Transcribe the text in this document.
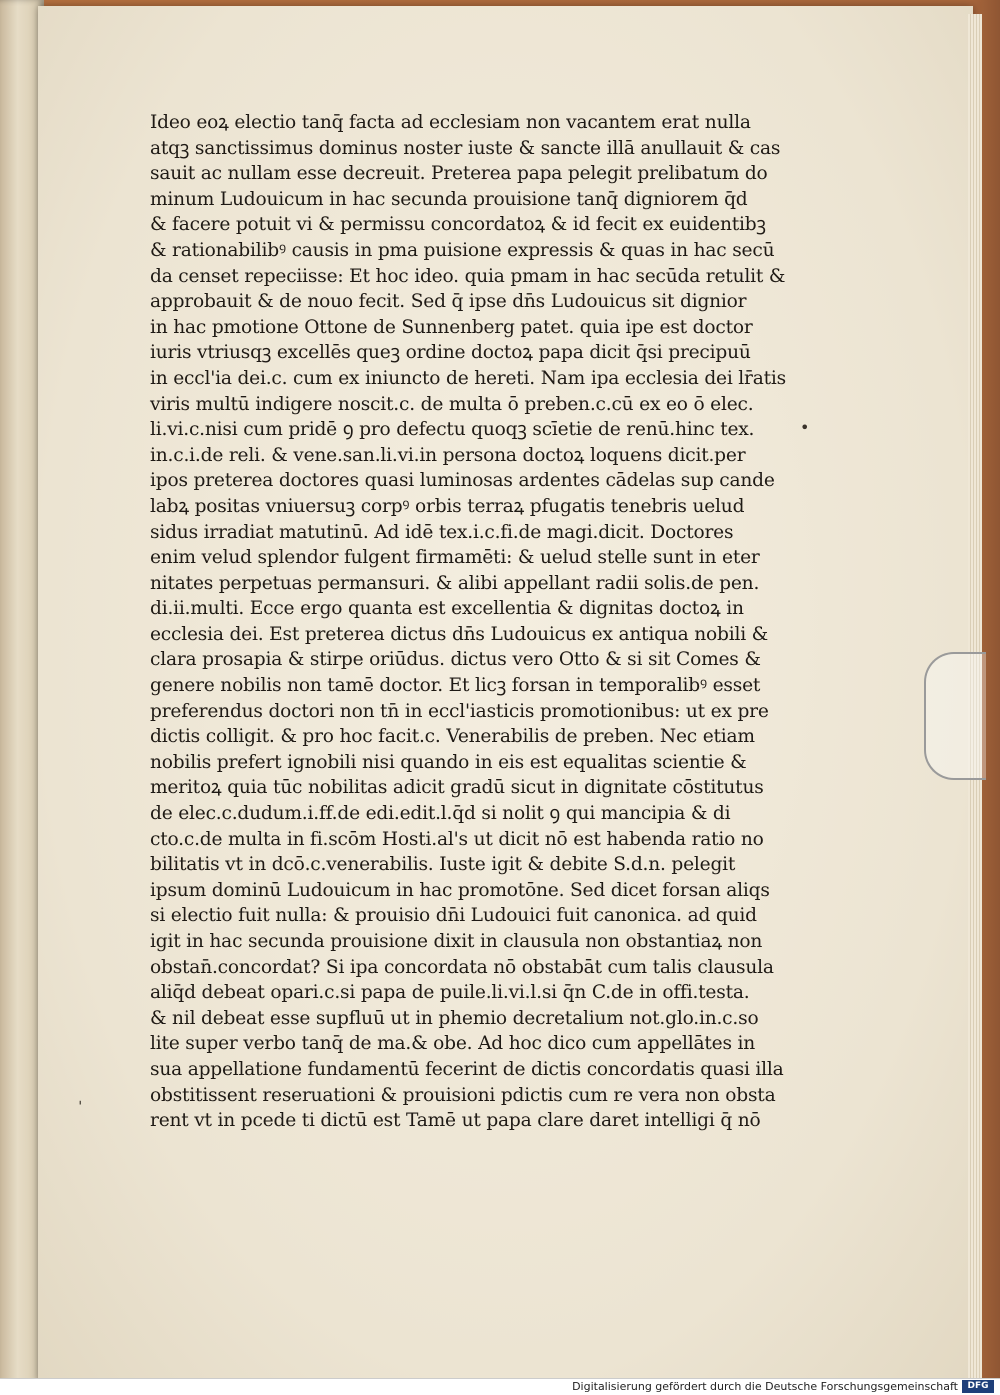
Ideo eoꝝ electio tanq̄ facta ad ecclesiam non vacantem erat nulla
atqꝫ sanctissimus dominus noster iuste & sancte illā anullauit & cas
sauit ac nullam esse decreuit. Preterea papa pelegit prelibatum do
minum Ludouicum in hac secunda prouisione tanq̄ digniorem q̄d
& facere potuit vi & permissu concordatoꝝ & id fecit ex euidentibꝫ
& rationabilibꝰ causis in pma puisione expressis & quas in hac secū
da censet repeciisse: Et hoc ideo. quia pmam in hac secūda retulit &
approbauit & de nouo fecit. Sed q̄ ipse dn̄s Ludouicus sit dignior
in hac pmotione Ottone de Sunnenberg patet. quia ipe est doctor
iuris vtriusqꝫ excellēs queꝫ ordine doctoꝝ papa dicit q̄si precipuū
in eccl'ia dei.c. cum ex iniuncto de hereti. Nam ipa ecclesia dei lr̄atis
viris multū indigere noscit.c. de multa ō preben.c.cū ex eo ō elec.
li.vi.c.nisi cum pridē ꝯ pro defectu quoqꝫ scīetie de renū.hinc tex.
in.c.i.de reli. & vene.san.li.vi.in persona doctoꝝ loquens dicit.per
ipos preterea doctores quasi luminosas ardentes cādelas sup cande
labꝝ positas vniuersuꝫ corpꝰ orbis terraꝝ pfugatis tenebris uelud
sidus irradiat matutinū. Ad idē tex.i.c.fi.de magi.dicit. Doctores
enim velud splendor fulgent firmamēti: & uelud stelle sunt in eter
nitates perpetuas permansuri. & alibi appellant radii solis.de pen.
di.ii.multi. Ecce ergo quanta est excellentia & dignitas doctoꝝ in
ecclesia dei. Est preterea dictus dn̄s Ludouicus ex antiqua nobili &
clara prosapia & stirpe oriūdus. dictus vero Otto & si sit Comes &
genere nobilis non tamē doctor. Et licꝫ forsan in temporalibꝰ esset
preferendus doctori non tn̄ in eccl'iasticis promotionibus: ut ex pre
dictis colligit. & pro hoc facit.c. Venerabilis de preben. Nec etiam
nobilis prefert ignobili nisi quando in eis est equalitas scientie &
meritoꝝ quia tūc nobilitas adicit gradū sicut in dignitate cōstitutus
de elec.c.dudum.i.ff.de edi.edit.l.q̄d si nolit ꝯ qui mancipia & di
cto.c.de multa in fi.scōm Hosti.al's ut dicit nō est habenda ratio no
bilitatis vt in dcō.c.venerabilis. Iuste igit & debite S.d.n. pelegit
ipsum dominū Ludouicum in hac promotōne. Sed dicet forsan aliqs
si electio fuit nulla: & prouisio dn̄i Ludouici fuit canonica. ad quid
igit in hac secunda prouisione dixit in clausula non obstantiaꝝ non
obstan̄.concordat? Si ipa concordata nō obstabāt cum talis clausula
aliq̄d debeat opari.c.si papa de puile.li.vi.l.si q̄n C.de in offi.testa.
& nil debeat esse supfluū ut in phemio decretalium not.glo.in.c.so
lite super verbo tanq̄ de ma.& obe. Ad hoc dico cum appellātes in
sua appellatione fundamentū fecerint de dictis concordatis quasi illa
obstitissent reseruationi & prouisioni pdictis cum re vera non obsta
rent vt in pcede ti dictū est Tamē ut papa clare daret intelligi q̄ nō
•
ˈ
Digitalisierung gefördert durch die Deutsche Forschungsgemeinschaft	DFG
